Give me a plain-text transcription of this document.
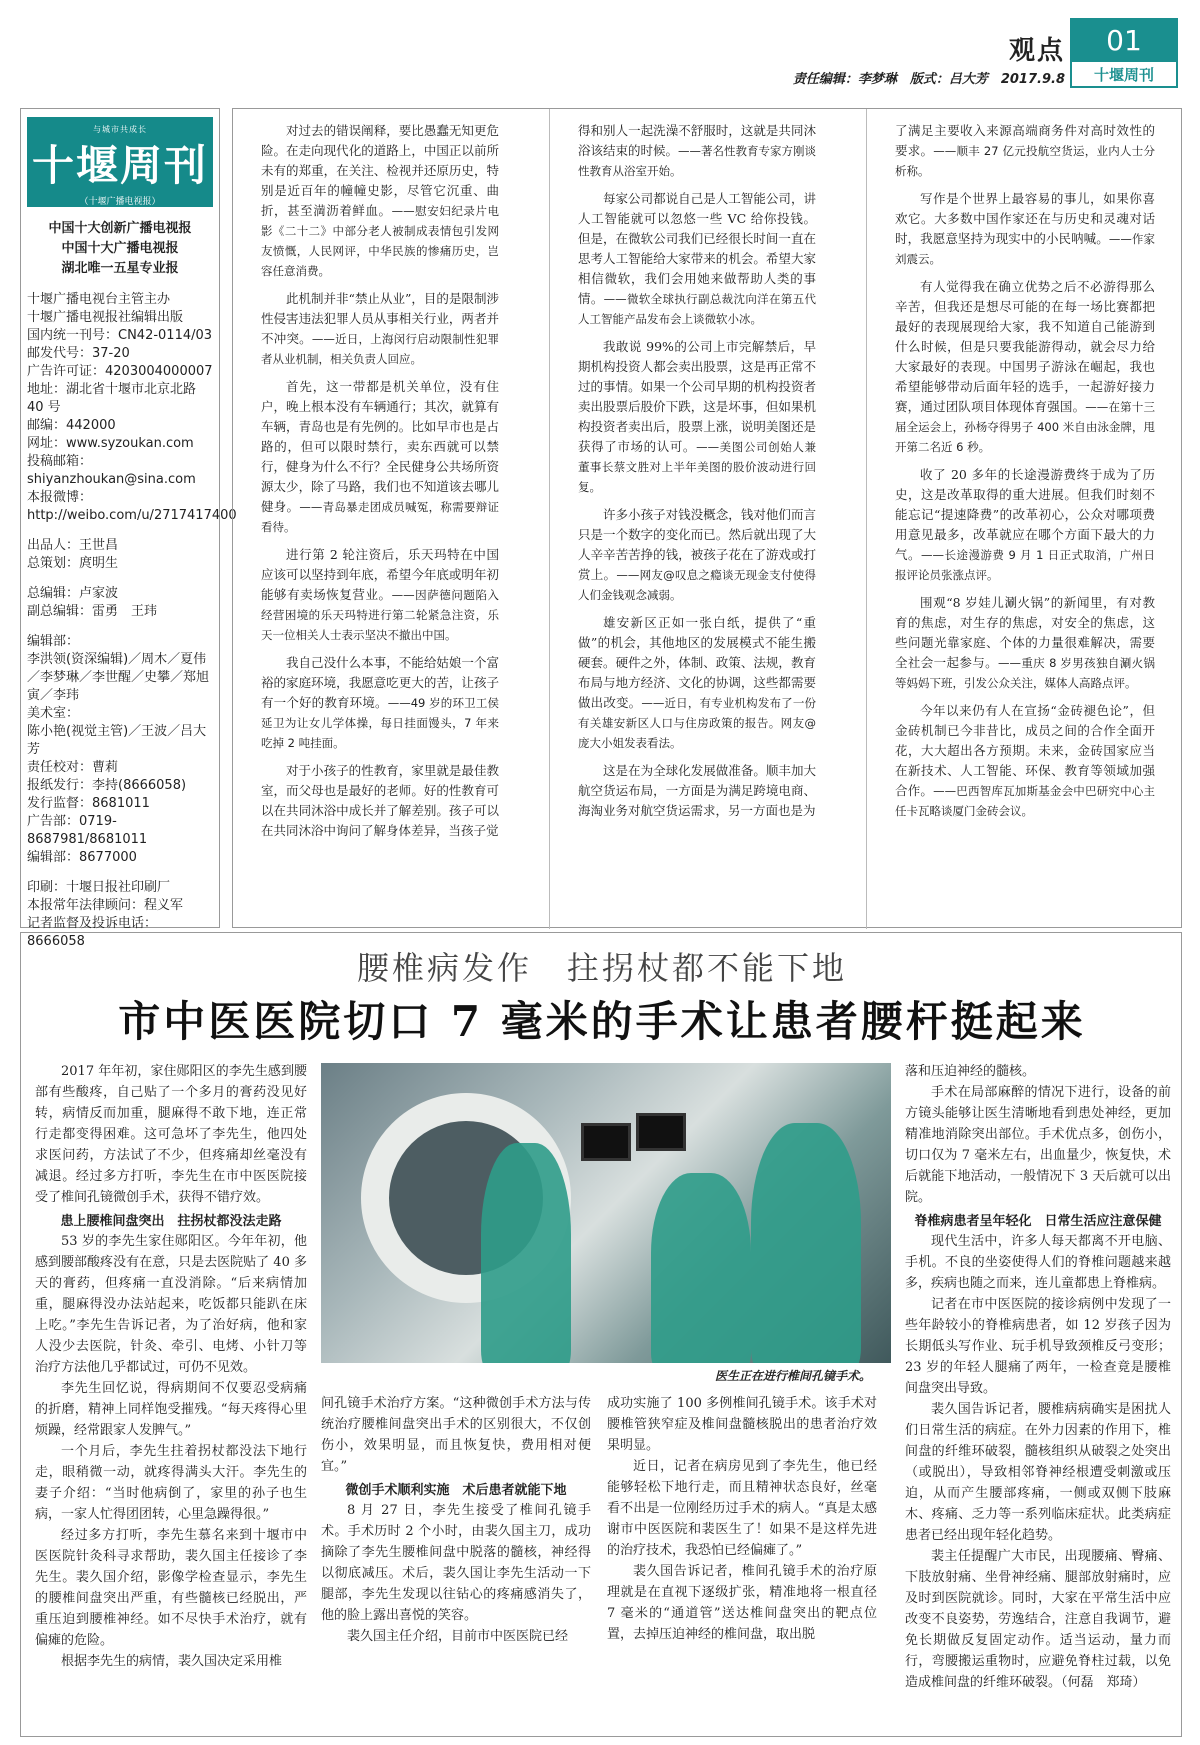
观点
责任编辑：李梦琳　版式：吕大芳　2017.9.8
01
十堰周刊
与城市共成长
十堰周刊
（十堰广播电视报）

中国十大创新广播电视报

中国十大广播电视报

湖北唯一五星专业报

十堰广播电视台主管主办

十堰广播电视报社编辑出版

国内统一刊号：CN42-0114/03

邮发代号：37-20

广告许可证：4203004000007

地址：湖北省十堰市北京北路 40 号

邮编：442000

网址：www.syzoukan.com

投稿邮箱：

shiyanzhoukan@sina.com

本报微博：

http://weibo.com/u/2717417400

出品人：王世昌

总策划：庹明生

总编辑：卢家波

副总编辑：雷勇　王玮

编辑部：

李洪领(资深编辑)／周木／夏伟／李梦琳／李世醒／史攀／郑旭寅／李玮

美术室：

陈小艳(视觉主管)／王波／吕大芳

责任校对：曹莉

报纸发行：李持(8666058)

发行监督：8681011

广告部：0719-8687981/8681011

编辑部：8677000

印刷：十堰日报社印刷厂

本报常年法律顾问：程义军

记者监督及投诉电话：8666058

对过去的错误阐释，要比愚蠢无知更危险。在走向现代化的道路上，中国正以前所未有的郑重，在关注、检视并还原历史，特别是近百年的幢幢史影，尽管它沉重、曲折，甚至満沥着鲜血。——慰安妇纪录片电影《二十二》中部分老人被制成表情包引发网友愤慨，人民网评，中华民族的惨痛历史，岂容任意消费。

此机制并非“禁止从业”，目的是限制涉性侵害违法犯罪人员从事相关行业，两者并不冲突。——近日，上海闵行启动限制性犯罪者从业机制，相关负责人回应。

首先，这一带都是机关单位，没有住户，晚上根本没有车辆通行；其次，就算有车辆，青岛也是有先例的。比如早市也是占路的，但可以限时禁行，卖东西就可以禁行，健身为什么不行？全民健身公共场所资源太少，除了马路，我们也不知道该去哪儿健身。——青岛暴走团成员喊冤，称需要辩证看待。

进行第 2 轮注资后，乐天玛特在中国应该可以坚持到年底，希望今年底或明年初能够有卖场恢复营业。——因萨德问题陷入经营困境的乐天玛特进行第二轮紧急注资，乐天一位相关人士表示坚决不撤出中国。

我自己没什么本事，不能给姑娘一个富裕的家庭环境，我愿意吃更大的苦，让孩子有一个好的教育环境。——49 岁的环卫工侯延卫为让女儿学体操，每日挂面馒头，7 年来吃掉 2 吨挂面。

对于小孩子的性教育，家里就是最佳教室，而父母也是最好的老师。好的性教育可以在共同沐浴中成长并了解差别。孩子可以在共同沐浴中询问了解身体差异，当孩子觉

得和别人一起洗澡不舒服时，这就是共同沐浴该结束的时候。——著名性教育专家方刚谈性教育从浴室开始。

每家公司都说自己是人工智能公司，讲人工智能就可以忽悠一些 VC 给你投钱。但是，在微软公司我们已经很长时间一直在思考人工智能给大家带来的机会。希望大家相信微软，我们会用她来做帮助人类的事情。——微软全球执行副总裁沈向洋在第五代人工智能产品发布会上谈微软小冰。

我敢说 99%的公司上市完解禁后，早期机构投资人都会卖出股票，这是再正常不过的事情。如果一个公司早期的机构投资者卖出股票后股价下跌，这是坏事，但如果机构投资者卖出后，股票上涨，说明美图还是获得了市场的认可。——美图公司创始人兼董事长蔡文胜对上半年美图的股价波动进行回复。

许多小孩子对钱没概念，钱对他们而言只是一个数字的变化而已。然后就出现了大人辛辛苦苦挣的钱，被孩子花在了游戏或打赏上。——网友@叹息之瘾谈无现金支付使得人们金钱观念减弱。

雄安新区正如一张白纸，提供了“重做”的机会，其他地区的发展模式不能生搬硬套。硬件之外，体制、政策、法规，教育布局与地方经济、文化的协调，这些都需要做出改变。——近日，有专业机构发布了一份有关雄安新区人口与住房政策的报告。网友@庞大小姐发表看法。

这是在为全球化发展做准备。顺丰加大航空货运布局，一方面是为满足跨境电商、海淘业务对航空货运需求，另一方面也是为

了满足主要收入来源高端商务件对高时效性的要求。——顺丰 27 亿元投航空货运，业内人士分析称。

写作是个世界上最容易的事儿，如果你喜欢它。大多数中国作家还在与历史和灵魂对话时，我愿意坚持为现实中的小民呐喊。——作家刘震云。

有人觉得我在确立优势之后不必游得那么辛苦，但我还是想尽可能的在每一场比赛都把最好的表现展现给大家，我不知道自己能游到什么时候，但是只要我能游得动，就会尽力给大家最好的表现。中国男子游泳在崛起，我也希望能够带动后面年轻的选手，一起游好接力赛，通过团队项目体现体育强国。——在第十三届全运会上，孙杨夺得男子 400 米自由泳金牌，甩开第二名近 6 秒。

收了 20 多年的长途漫游费终于成为了历史，这是改革取得的重大进展。但我们时刻不能忘记“提速降费”的改革初心，公众对哪项费用意见最多，改革就应在哪个方面下最大的力气。——长途漫游费 9 月 1 日正式取消，广州日报评论员张涨点评。

围观“8 岁娃儿涮火锅”的新闻里，有对教育的焦虑，对生存的焦虑，对安全的焦虑，这些问题光靠家庭、个体的力量很难解决，需要全社会一起参与。——重庆 8 岁男孩独自涮火锅等妈妈下班，引发公众关注，媒体人高路点评。

今年以来仍有人在宣扬“金砖褪色论”，但金砖机制已今非昔比，成员之间的合作全面开花，大大超出各方预期。未来，金砖国家应当在新技术、人工智能、环保、教育等领域加强合作。——巴西智库瓦加斯基金会中巴研究中心主任卡瓦略谈厦门金砖会议。

腰椎病发作　拄拐杖都不能下地
市中医医院切口 7 毫米的手术让患者腰杆挺起来

2017 年年初，家住郧阳区的李先生感到腰部有些酸疼，自己贴了一个多月的膏药没见好转，病情反而加重，腿麻得不敢下地，连正常行走都变得困难。这可急坏了李先生，他四处求医问药，方法试了不少，但疼痛却丝毫没有减退。经过多方打听，李先生在市中医医院接受了椎间孔镜微创手术，获得不错疗效。

患上腰椎间盘突出　拄拐杖都没法走路

53 岁的李先生家住郧阳区。今年年初，他感到腰部酸疼没有在意，只是去医院贴了 40 多天的膏药，但疼痛一直没消除。“后来病情加重，腿麻得没办法站起来，吃饭都只能趴在床上吃。”李先生告诉记者，为了治好病，他和家人没少去医院，针灸、牵引、电烤、小针刀等治疗方法他几乎都试过，可仍不见效。

李先生回忆说，得病期间不仅要忍受病痛的折磨，精神上同样饱受摧残。“每天疼得心里烦躁，经常跟家人发脾气。”

一个月后，李先生拄着拐杖都没法下地行走，眼稍微一动，就疼得满头大汗。李先生的妻子介绍：“当时他病倒了，家里的孙子也生病，一家人忙得团团转，心里急躁得很。”

经过多方打听，李先生慕名来到十堰市中医医院针灸科寻求帮助，裴久国主任接诊了李先生。裴久国介绍，影像学检查显示，李先生的腰椎间盘突出严重，有些髓核已经脱出，严重压迫到腰椎神经。如不尽快手术治疗，就有偏瘫的危险。

根据李先生的病情，裴久国决定采用椎

医生正在进行椎间孔镜手术。

间孔镜手术治疗方案。“这种微创手术方法与传统治疗腰椎间盘突出手术的区别很大，不仅创伤小，效果明显，而且恢复快，费用相对便宜。”

微创手术顺利实施　术后患者就能下地

8 月 27 日，李先生接受了椎间孔镜手术。手术历时 2 个小时，由裴久国主刀，成功摘除了李先生腰椎间盘中脱落的髓核，神经得以彻底减压。术后，裴久国让李先生活动一下腿部，李先生发现以往钻心的疼痛感消失了，他的脸上露出喜悦的笑容。

裴久国主任介绍，目前市中医医院已经

成功实施了 100 多例椎间孔镜手术。该手术对腰椎管狭窄症及椎间盘髓核脱出的患者治疗效果明显。

近日，记者在病房见到了李先生，他已经能够轻松下地行走，而且精神状态良好，丝毫看不出是一位刚经历过手术的病人。“真是太感谢市中医医院和裴医生了！如果不是这样先进的治疗技术，我恐怕已经偏瘫了。”

裴久国告诉记者，椎间孔镜手术的治疗原理就是在直视下逐级扩张，精准地将一根直径 7 毫米的“通道管”送达椎间盘突出的靶点位置，去掉压迫神经的椎间盘，取出脱

落和压迫神经的髓核。

手术在局部麻醉的情况下进行，设备的前方镜头能够让医生清晰地看到患处神经，更加精准地消除突出部位。手术优点多，创伤小，切口仅为 7 毫米左右，出血量少，恢复快，术后就能下地活动，一般情况下 3 天后就可以出院。

脊椎病患者呈年轻化　日常生活应注意保健

现代生活中，许多人每天都离不开电脑、手机。不良的坐姿使得人们的脊椎问题越来越多，疾病也随之而来，连儿童都患上脊椎病。

记者在市中医医院的接诊病例中发现了一些年龄较小的脊椎病患者，如 12 岁孩子因为长期低头写作业、玩手机导致颈椎反弓变形；23 岁的年轻人腿痛了两年，一检查竟是腰椎间盘突出导致。

裴久国告诉记者，腰椎病病确实是困扰人们日常生活的病症。在外力因素的作用下，椎间盘的纤维环破裂，髓核组织从破裂之处突出（或脱出），导致相邻脊神经根遭受刺激或压迫，从而产生腰部疼痛，一侧或双侧下肢麻木、疼痛、乏力等一系列临床症状。此类病症患者已经出现年轻化趋势。

裴主任提醒广大市民，出现腰痛、臀痛、下肢放射痛、坐骨神经痛、腿部放射痛时，应及时到医院就诊。同时，大家在平常生活中应改变不良姿势，劳逸结合，注意自我调节，避免长期做反复固定动作。适当运动，量力而行，弯腰搬运重物时，应避免脊柱过载，以免造成椎间盘的纤维环破裂。（何磊　郑琦）
